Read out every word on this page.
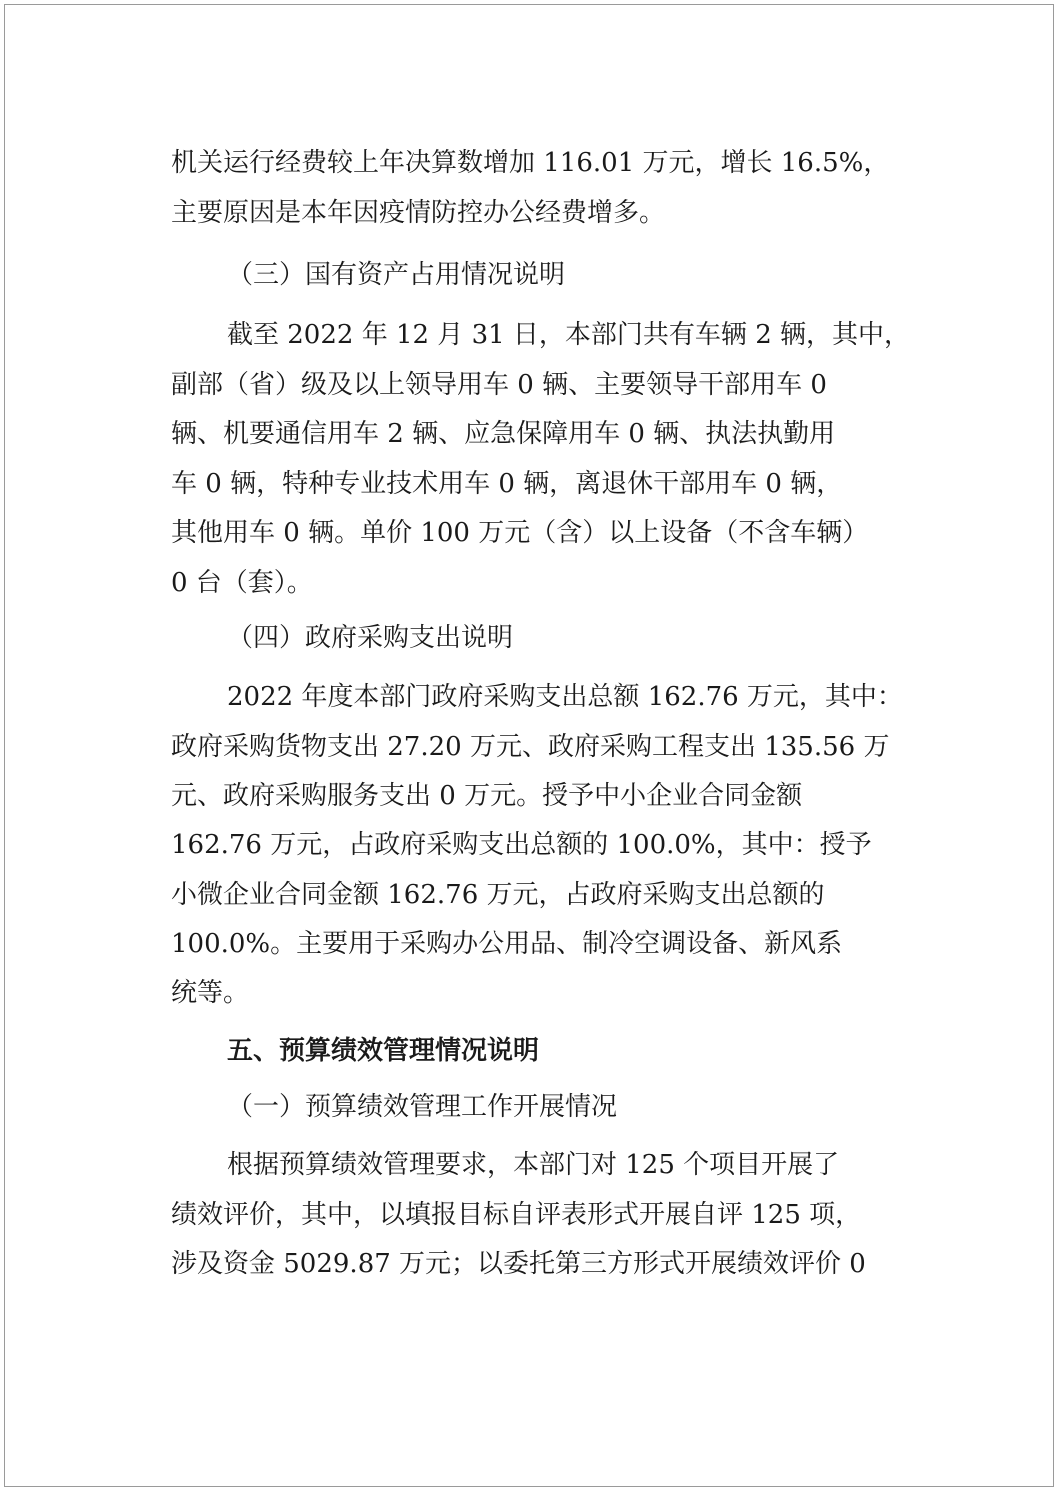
机关运行经费较上年决算数增加 116.01 万元，增长 16.5%，
主要原因是本年因疫情防控办公经费增多。
（三）国有资产占用情况说明
截至 2022 年 12 月 31 日，本部门共有车辆 2 辆，其中，
副部（省）级及以上领导用车 0 辆、主要领导干部用车 0
辆、机要通信用车 2 辆、应急保障用车 0 辆、执法执勤用
车 0 辆，特种专业技术用车 0 辆，离退休干部用车 0 辆，
其他用车 0 辆。单价 100 万元（含）以上设备（不含车辆）
0 台（套）。
（四）政府采购支出说明
2022 年度本部门政府采购支出总额 162.76 万元，其中：
政府采购货物支出 27.20 万元、政府采购工程支出 135.56 万
元、政府采购服务支出 0 万元。授予中小企业合同金额
162.76 万元，占政府采购支出总额的 100.0%，其中：授予
小微企业合同金额 162.76 万元，占政府采购支出总额的
100.0%。主要用于采购办公用品、制冷空调设备、新风系
统等。
五、预算绩效管理情况说明
（一）预算绩效管理工作开展情况
根据预算绩效管理要求，本部门对 125 个项目开展了
绩效评价，其中，以填报目标自评表形式开展自评 125 项，
涉及资金 5029.87 万元；以委托第三方形式开展绩效评价 0
